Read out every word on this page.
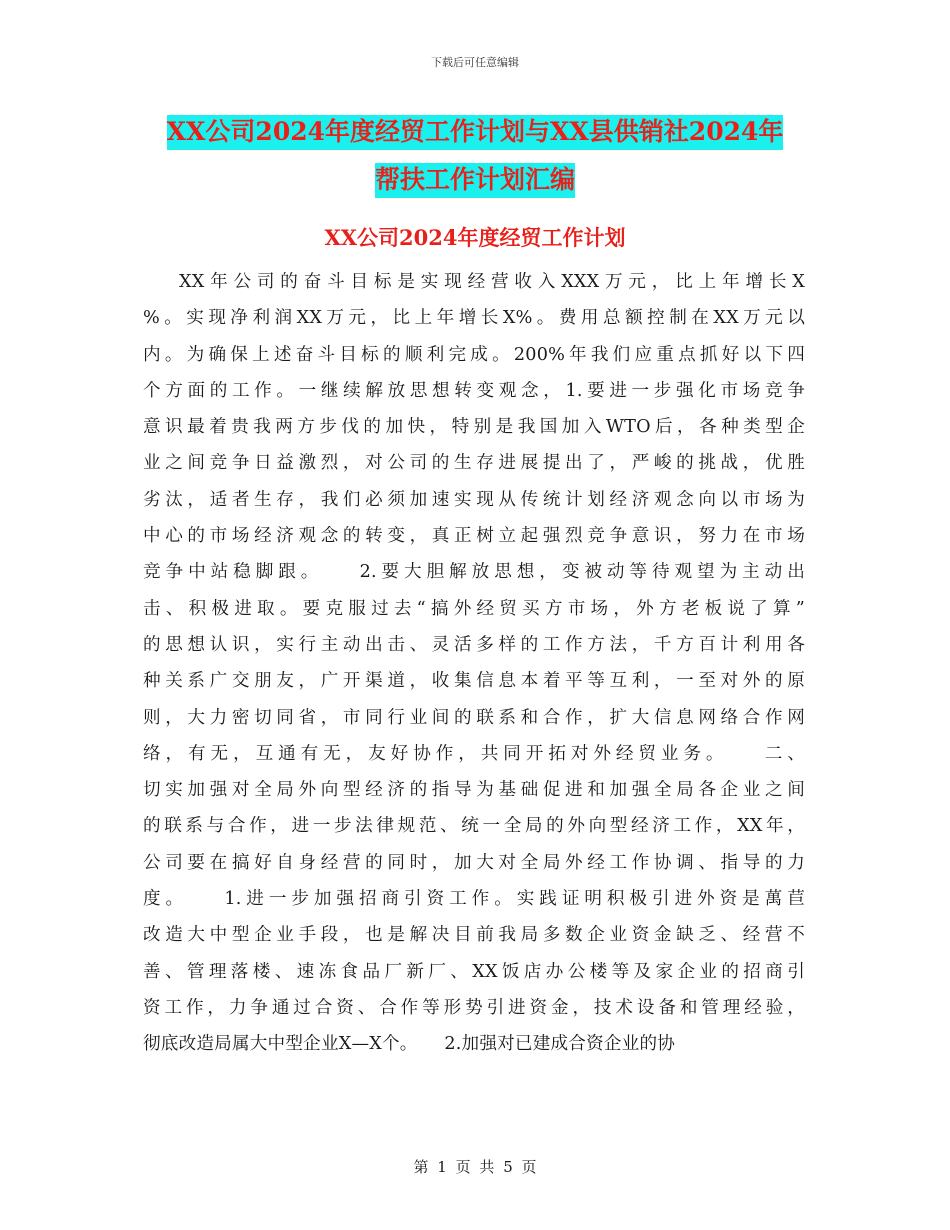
下载后可任意编辑
XX公司2024年度经贸工作计划与XX县供销社2024年
帮扶工作计划汇编
XX公司2024年度经贸工作计划
XX年公司的奋斗目标是实现经营收入XXX万元，比上年增长X
%。实现净利润XX万元，比上年增长X%。费用总额控制在XX万元以
内。为确保上述奋斗目标的顺利完成。200%年我们应重点抓好以下四
个方面的工作。一继续解放思想转变观念，1.要进一步强化市场竞争
意识最着贵我两方步伐的加快，特别是我国加入WTO后，各种类型企
业之间竞争日益激烈，对公司的生存进展提出了，严峻的挑战，优胜
劣汰，适者生存，我们必须加速实现从传统计划经济观念向以市场为
中心的市场经济观念的转变，真正树立起强烈竞争意识，努力在市场
竞争中站稳脚跟。　　2.要大胆解放思想，变被动等待观望为主动出
击、积极进取。要克服过去“搞外经贸买方市场，外方老板说了算”
的思想认识，实行主动出击、灵活多样的工作方法，千方百计利用各
种关系广交朋友，广开渠道，收集信息本着平等互利，一至对外的原
则，大力密切同省，市同行业间的联系和合作，扩大信息网络合作网
络，有无，互通有无，友好协作，共同开拓对外经贸业务。　　二、
切实加强对全局外向型经济的指导为基础促进和加强全局各企业之间
的联系与合作，进一步法律规范、统一全局的外向型经济工作，XX年，
公司要在搞好自身经营的同时，加大对全局外经工作协调、指导的力
度。　　1.进一步加强招商引资工作。实践证明积极引进外资是萬苣
改造大中型企业手段，也是解决目前我局多数企业资金缺乏、经营不
善、管理落楼、速冻食品厂新厂、XX饭店办公楼等及家企业的招商引
资工作，力争通过合资、合作等形势引进资金，技术设备和管理经验，
彻底改造局属大中型企业X—X个。　　2.加强对已建成合资企业的协
第 1 页 共 5 页
